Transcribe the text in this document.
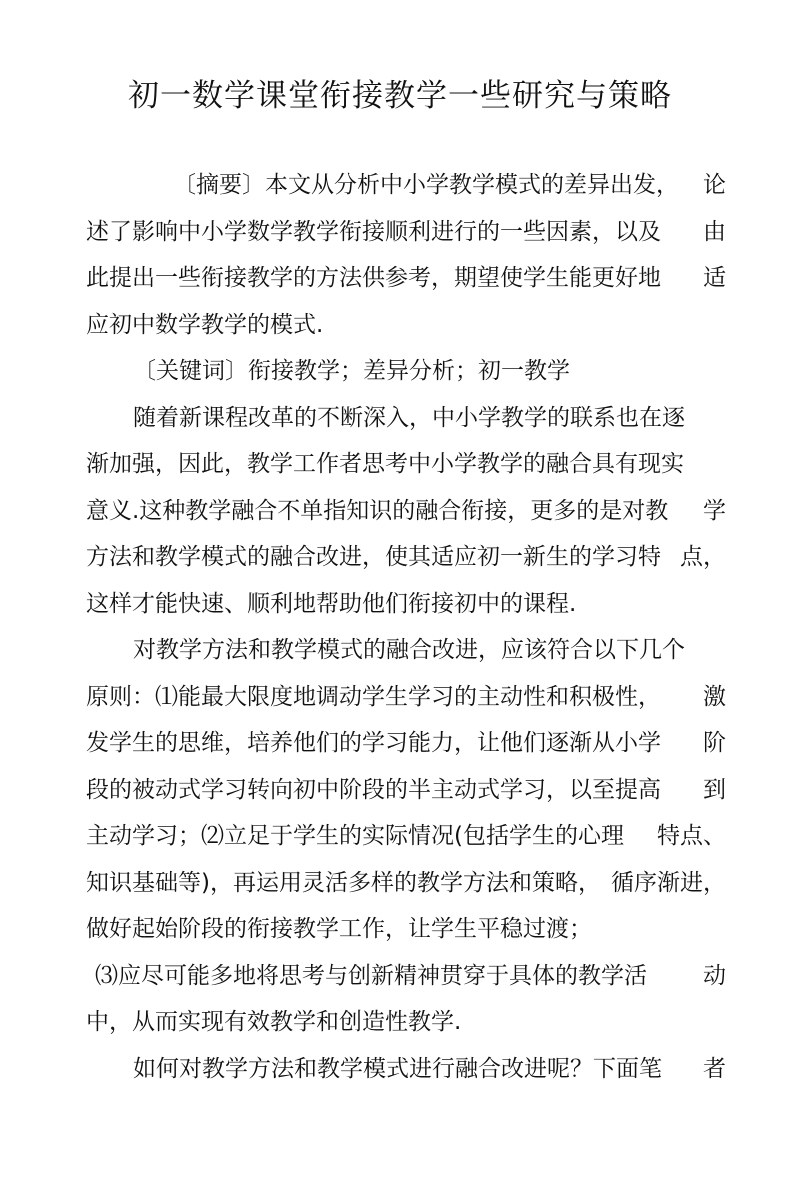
初一数学课堂衔接教学一些研究与策略
〔摘要〕本文从分析中小学教学模式的差异出发， 论
述了影响中小学数学教学衔接顺利进行的一些因素，以及 由
此提出一些衔接教学的方法供参考，期望使学生能更好地 适
应初中数学教学的模式.
〔关键词〕衔接教学；差异分析；初一教学
随着新课程改革的不断深入，中小学教学的联系也在逐
渐加强，因此，教学工作者思考中小学教学的融合具有现实
意义.这种教学融合不单指知识的融合衔接，更多的是对教 学
方法和教学模式的融合改进，使其适应初一新生的学习特 点，
这样才能快速、顺利地帮助他们衔接初中的课程.
对教学方法和教学模式的融合改进，应该符合以下几个
原则：⑴能最大限度地调动学生学习的主动性和积极性， 激
发学生的思维，培养他们的学习能力，让他们逐渐从小学 阶
段的被动式学习转向初中阶段的半主动式学习，以至提高 到
主动学习；⑵立足于学生的实际情况(包括学生的心理 特点、
知识基础等)，再运用灵活多样的教学方法和策略， 循序渐进，
做好起始阶段的衔接教学工作，让学生平稳过渡；
⑶应尽可能多地将思考与创新精神贯穿于具体的教学活 动
中，从而实现有效教学和创造性教学.
如何对教学方法和教学模式进行融合改进呢？下面笔 者
